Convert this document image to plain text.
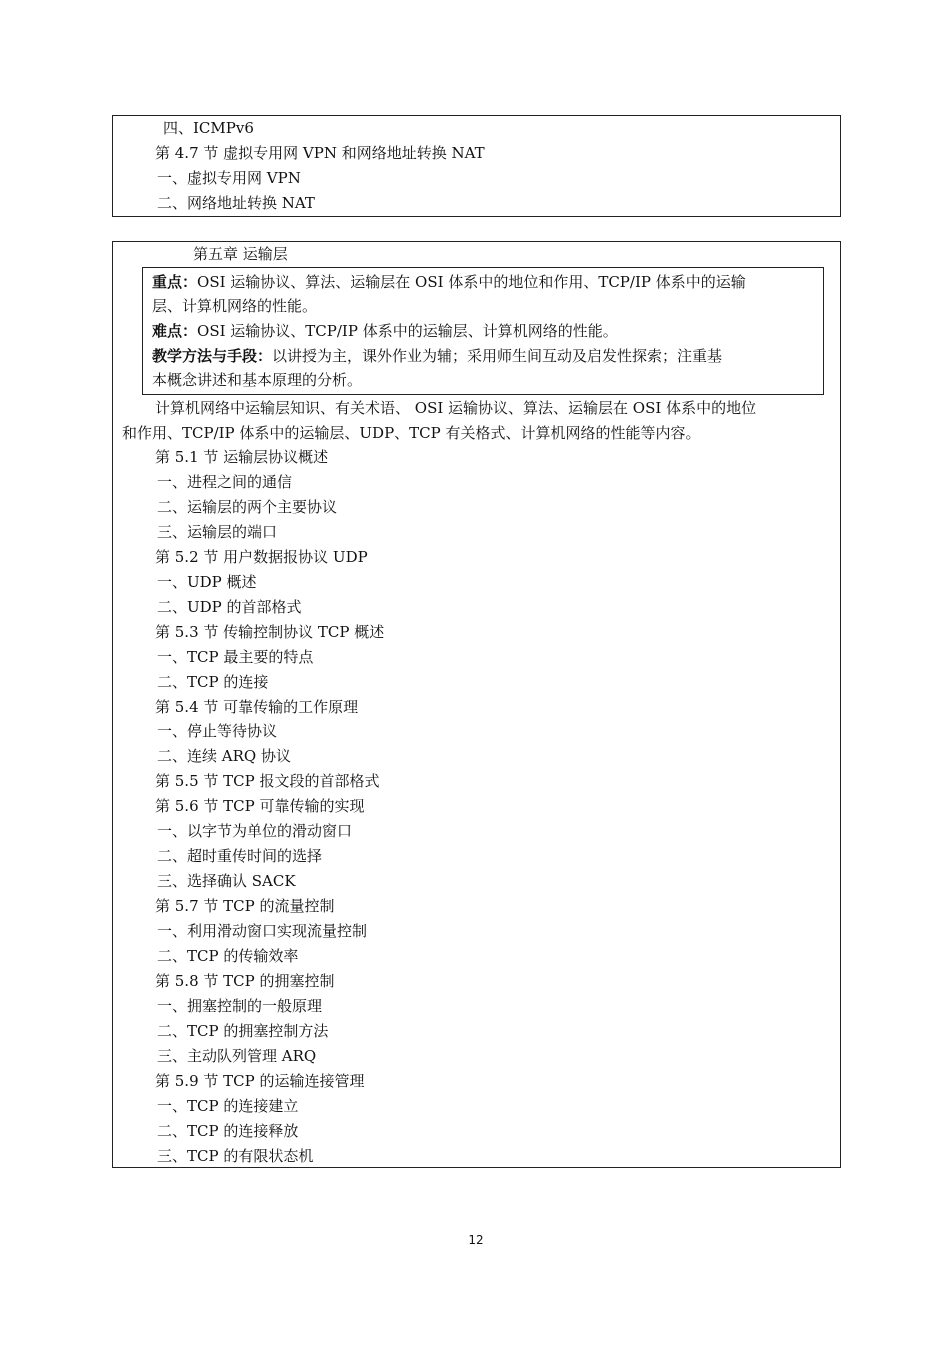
四、ICMPv6
第 4.7 节 虚拟专用网 VPN 和网络地址转换 NAT
一、虚拟专用网 VPN
二、网络地址转换 NAT
第五章 运输层
重点：OSI 运输协议、算法、运输层在 OSI 体系中的地位和作用、TCP/IP 体系中的运输
层、计算机网络的性能。
难点：OSI 运输协议、TCP/IP 体系中的运输层、计算机网络的性能。
教学方法与手段：以讲授为主，课外作业为辅；采用师生间互动及启发性探索；注重基
本概念讲述和基本原理的分析。
计算机网络中运输层知识、有关术语、 OSI 运输协议、算法、运输层在 OSI 体系中的地位
和作用、TCP/IP 体系中的运输层、UDP、TCP 有关格式、计算机网络的性能等内容。
第 5.1 节 运输层协议概述
一、进程之间的通信
二、运输层的两个主要协议
三、运输层的端口
第 5.2 节 用户数据报协议 UDP
一、UDP 概述
二、UDP 的首部格式
第 5.3 节 传输控制协议 TCP 概述
一、TCP 最主要的特点
二、TCP 的连接
第 5.4 节 可靠传输的工作原理
一、停止等待协议
二、连续 ARQ 协议
第 5.5 节 TCP 报文段的首部格式
第 5.6 节 TCP 可靠传输的实现
一、以字节为单位的滑动窗口
二、超时重传时间的选择
三、选择确认 SACK
第 5.7 节 TCP 的流量控制
一、利用滑动窗口实现流量控制
二、TCP 的传输效率
第 5.8 节 TCP 的拥塞控制
一、拥塞控制的一般原理
二、TCP 的拥塞控制方法
三、主动队列管理 ARQ
第 5.9 节 TCP 的运输连接管理
一、TCP 的连接建立
二、TCP 的连接释放
三、TCP 的有限状态机
12
